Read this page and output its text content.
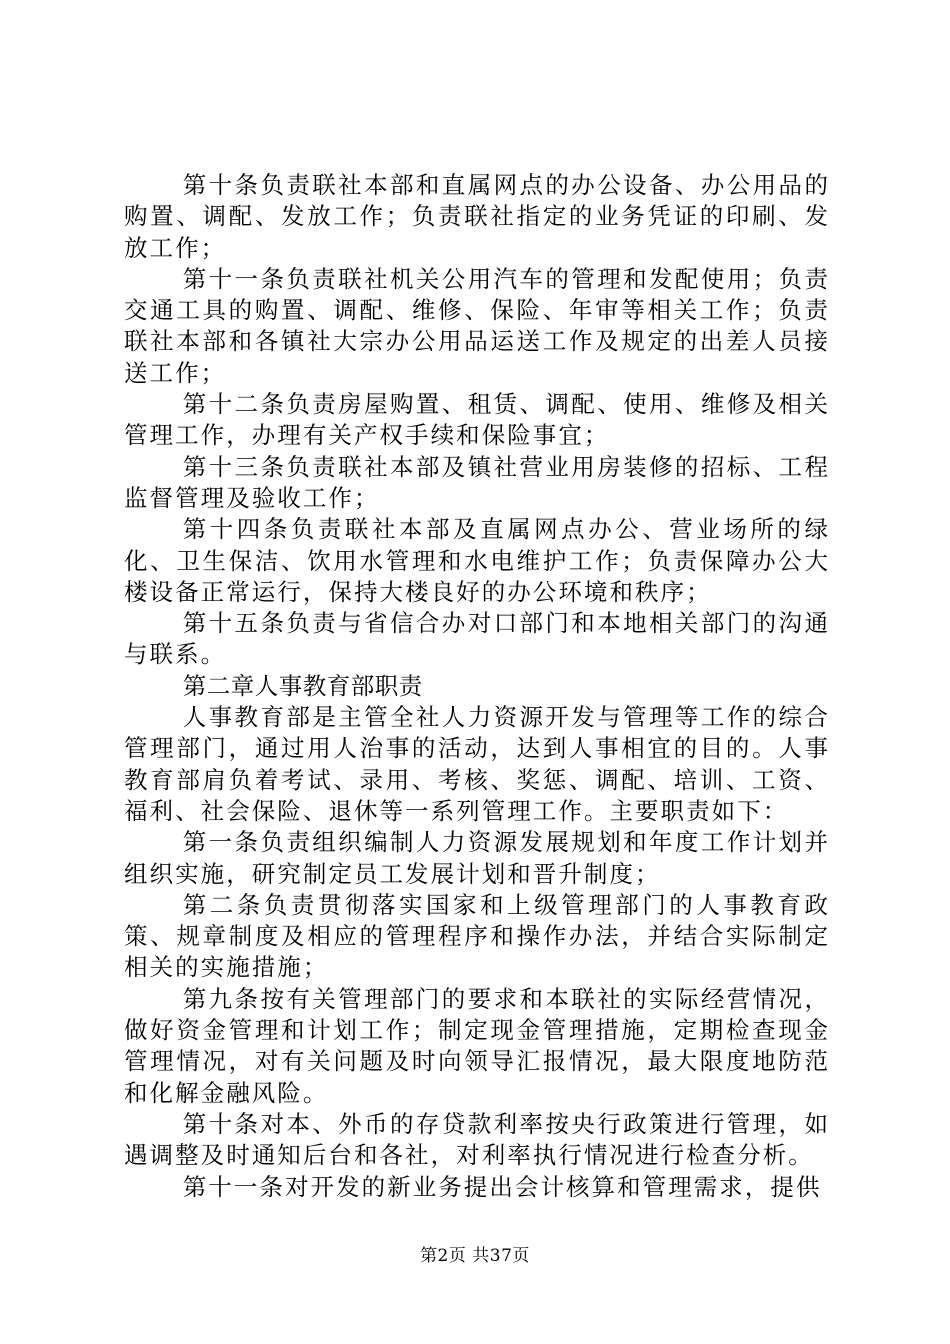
第十条负责联社本部和直属网点的办公设备、办公用品的购置、调配、发放工作；负责联社指定的业务凭证的印刷、发放工作；

第十一条负责联社机关公用汽车的管理和发配使用；负责交通工具的购置、调配、维修、保险、年审等相关工作；负责联社本部和各镇社大宗办公用品运送工作及规定的出差人员接送工作；

第十二条负责房屋购置、租赁、调配、使用、维修及相关管理工作，办理有关产权手续和保险事宜；

第十三条负责联社本部及镇社营业用房装修的招标、工程监督管理及验收工作；

第十四条负责联社本部及直属网点办公、营业场所的绿化、卫生保洁、饮用水管理和水电维护工作；负责保障办公大楼设备正常运行，保持大楼良好的办公环境和秩序；

第十五条负责与省信合办对口部门和本地相关部门的沟通与联系。

第二章人事教育部职责

人事教育部是主管全社人力资源开发与管理等工作的综合管理部门，通过用人治事的活动，达到人事相宜的目的。人事教育部肩负着考试、录用、考核、奖惩、调配、培训、工资、福利、社会保险、退休等一系列管理工作。主要职责如下：

第一条负责组织编制人力资源发展规划和年度工作计划并组织实施，研究制定员工发展计划和晋升制度；

第二条负责贯彻落实国家和上级管理部门的人事教育政策、规章制度及相应的管理程序和操作办法，并结合实际制定相关的实施措施；

第九条按有关管理部门的要求和本联社的实际经营情况，做好资金管理和计划工作；制定现金管理措施，定期检查现金管理情况，对有关问题及时向领导汇报情况，最大限度地防范和化解金融风险。

第十条对本、外币的存贷款利率按央行政策进行管理，如遇调整及时通知后台和各社，对利率执行情况进行检查分析。

第十一条对开发的新业务提出会计核算和管理需求，提供

第2页 共37页
